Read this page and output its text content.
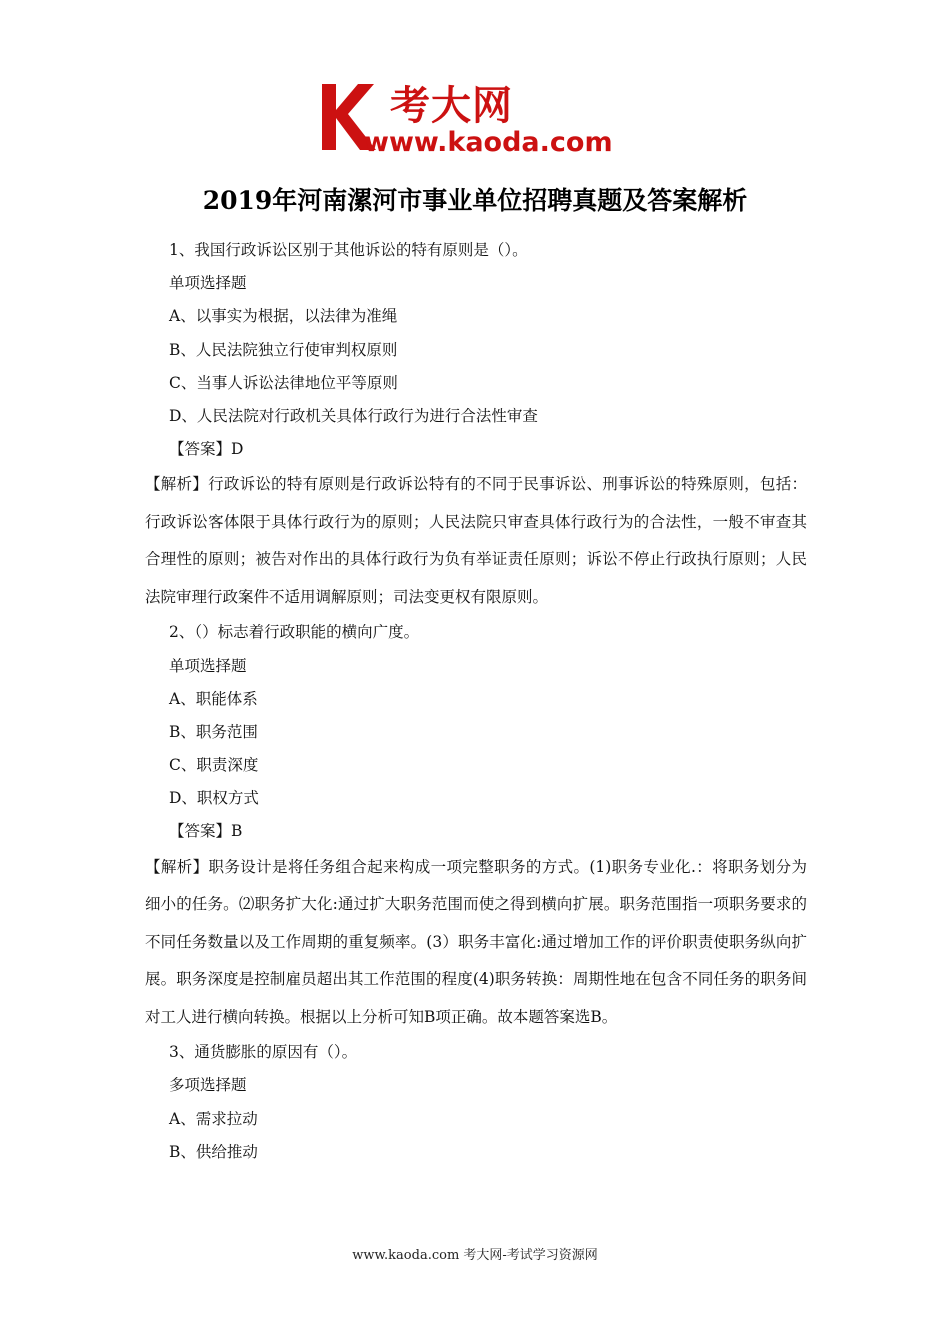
考大网
www.kaoda.com
2019年河南漯河市事业单位招聘真题及答案解析
1、我国行政诉讼区别于其他诉讼的特有原则是（）。
单项选择题
A、以事实为根据，以法律为准绳
B、人民法院独立行使审判权原则
C、当事人诉讼法律地位平等原则
D、人民法院对行政机关具体行政行为进行合法性审查
【答案】D

【解析】行政诉讼的特有原则是行政诉讼特有的不同于民事诉讼、刑事诉讼的特殊原则，包括：行政诉讼客体限于具体行政行为的原则；人民法院只审查具体行政行为的合法性，一般不审查其合理性的原则；被告对作出的具体行政行为负有举证责任原则；诉讼不停止行政执行原则；人民法院审理行政案件不适用调解原则；司法变更权有限原则。

2、（）标志着行政职能的横向广度。
单项选择题
A、职能体系
B、职务范围
C、职责深度
D、职权方式
【答案】B

【解析】职务设计是将任务组合起来构成一项完整职务的方式。(1)职务专业化.：将职务划分为细小的任务。⑵职务扩大化:通过扩大职务范围而使之得到横向扩展。职务范围指一项职务要求的不同任务数量以及工作周期的重复频率。(3）职务丰富化:通过增加工作的评价职责使职务纵向扩展。职务深度是控制雇员超出其工作范围的程度(4)职务转换：周期性地在包含不同任务的职务间对工人进行横向转换。根据以上分析可知B项正确。故本题答案选B。

3、通货膨胀的原因有（）。
多项选择题
A、需求拉动
B、供给推动
www.kaoda.com 考大网-考试学习资源网
